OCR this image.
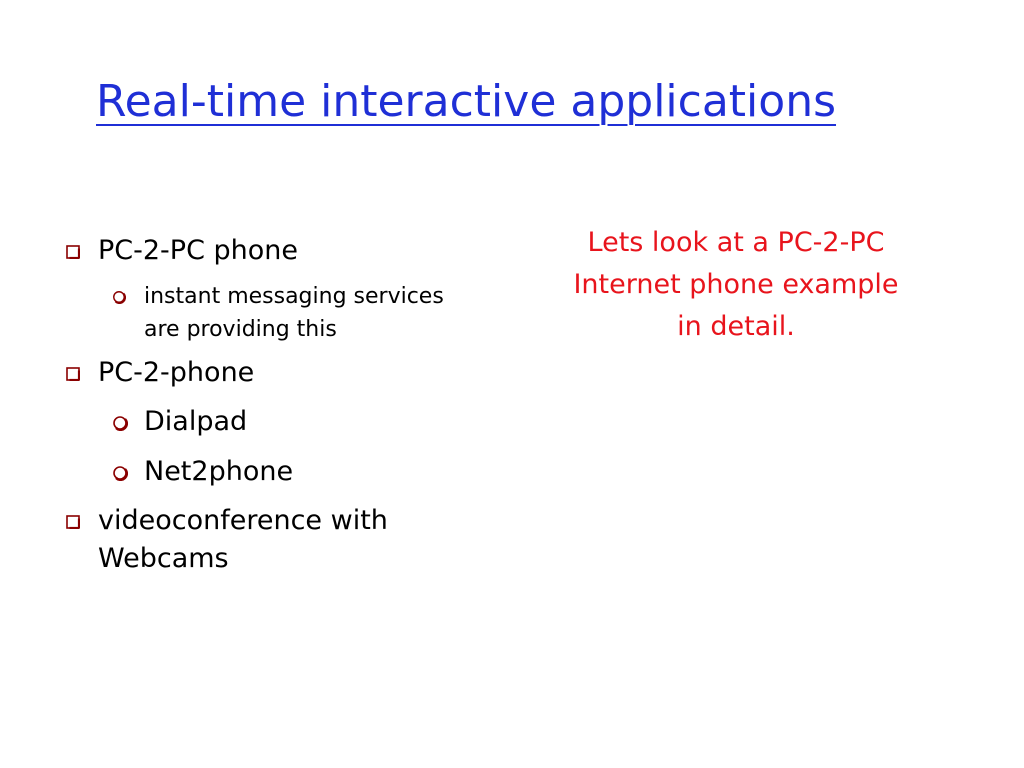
Real-time interactive applications
PC-2-PC phone
instant messaging services are providing this
PC-2-phone
Dialpad
Net2phone
videoconference with Webcams
Lets look at a PC-2-PC Internet phone example in detail.
